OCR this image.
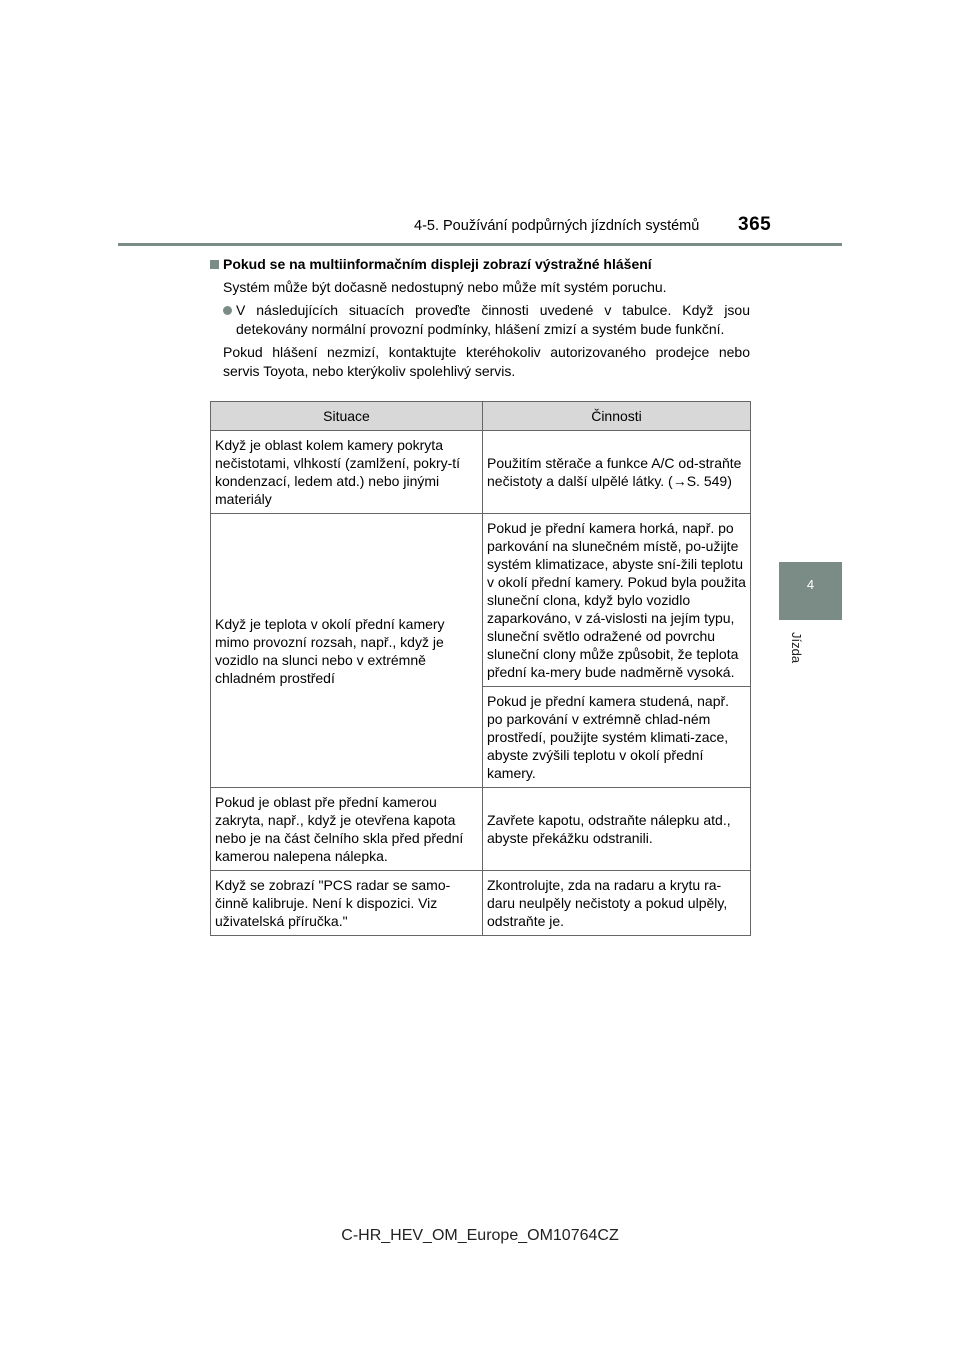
4-5. Používání podpůrných jízdních systémů 365
4
Jízda

Pokud se na multiinformačním displeji zobrazí výstražné hlášení

Systém může být dočasně nedostupný nebo může mít systém poruchu.

V následujících situacích proveďte činnosti uvedené v tabulce. Když jsou detekovány normální provozní podmínky, hlášení zmizí a systém bude funkční.

Pokud hlášení nezmizí, kontaktujte kteréhokoliv autorizovaného prodejce nebo servis Toyota, nebo kterýkoliv spolehlivý servis.

Situace	Činnosti
Když je oblast kolem kamery pokryta nečistotami, vlhkostí (zamlžení, pokry-tí kondenzací, ledem atd.) nebo jinými materiály	Použitím stěrače a funkce A/C od-straňte nečistoty a další ulpělé látky. (→S. 549)
Když je teplota v okolí přední kamery mimo provozní rozsah, např., když je vozidlo na slunci nebo v extrémně chladném prostředí	Pokud je přední kamera horká, např. po parkování na slunečném místě, po-užijte systém klimatizace, abyste sní-žili teplotu v okolí přední kamery. Pokud byla použita sluneční clona, když bylo vozidlo zaparkováno, v zá-vislosti na jejím typu, sluneční světlo odražené od povrchu sluneční clony může způsobit, že teplota přední ka-mery bude nadměrně vysoká.
	Pokud je přední kamera studená, např. po parkování v extrémně chlad-ném prostředí, použijte systém klimati-zace, abyste zvýšili teplotu v okolí přední kamery.
Pokud je oblast pře přední kamerou zakryta, např., když je otevřena kapota nebo je na část čelního skla před přední kamerou nalepena nálepka.	Zavřete kapotu, odstraňte nálepku atd., abyste překážku odstranili.
Když se zobrazí "PCS radar se samo-činně kalibruje. Není k dispozici. Viz uživatelská příručka."	Zkontrolujte, zda na radaru a krytu ra-daru neulpěly nečistoty a pokud ulpěly, odstraňte je.
C-HR_HEV_OM_Europe_OM10764CZ
